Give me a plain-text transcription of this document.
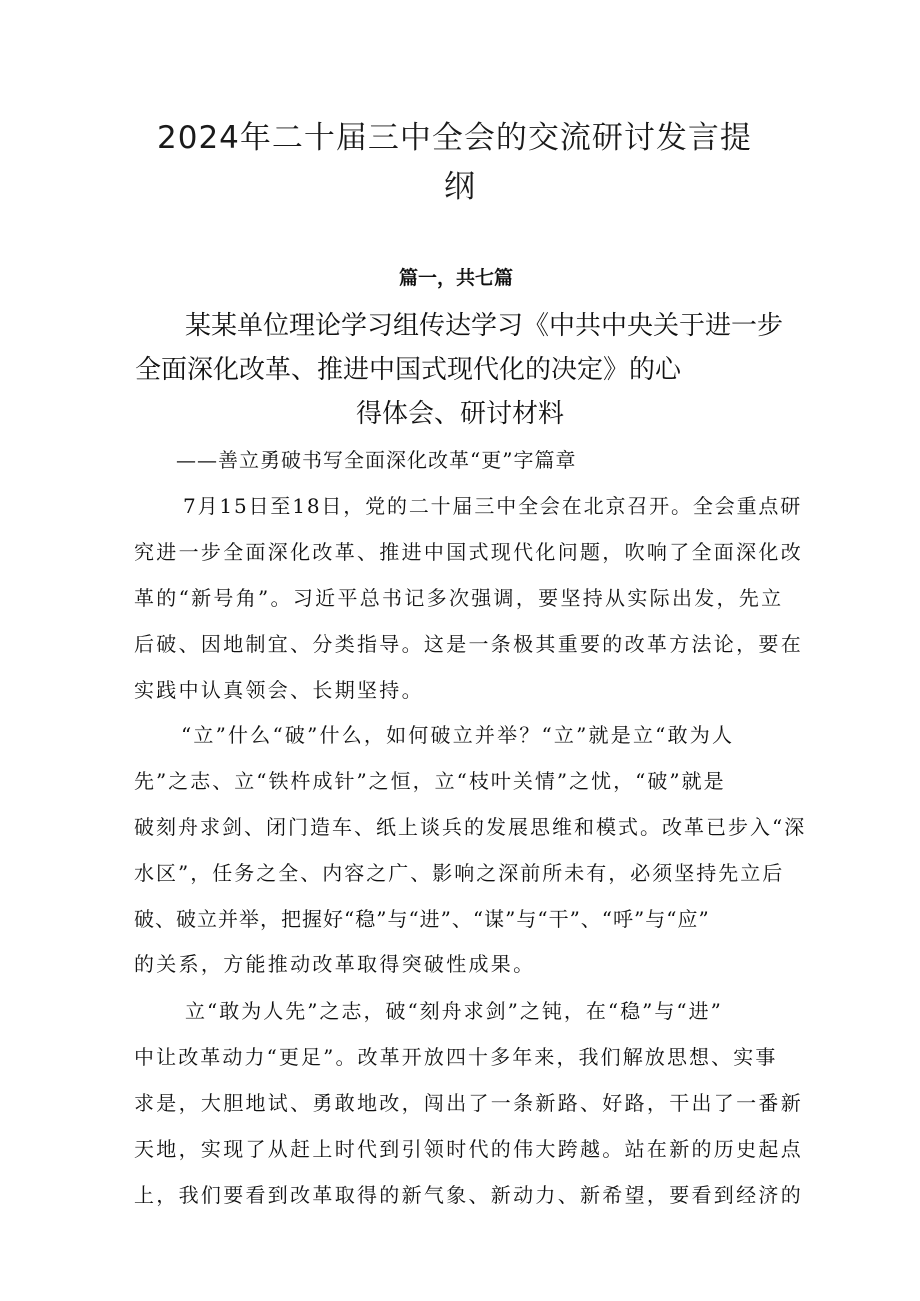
2024年二十届三中全会的交流研讨发言提
纲
篇一，共七篇
某某单位理论学习组传达学习《中共中央关于进一步
全面深化改革、推进中国式现代化的决定》的心
得体会、研讨材料
——善立勇破书写全面深化改革“更”字篇章
7月15日至18日，党的二十届三中全会在北京召开。全会重点研
究进一步全面深化改革、推进中国式现代化问题，吹响了全面深化改
革的“新号角”。习近平总书记多次强调，要坚持从实际出发，先立
后破、因地制宜、分类指导。这是一条极其重要的改革方法论，要在
实践中认真领会、长期坚持。
“立”什么“破”什么，如何破立并举？“立”就是立“敢为人
先”之志、立“铁杵成针”之恒，立“枝叶关情”之忧，“破”就是
破刻舟求剑、闭门造车、纸上谈兵的发展思维和模式。改革已步入“深
水区”，任务之全、内容之广、影响之深前所未有，必须坚持先立后
破、破立并举，把握好“稳”与“进”、“谋”与“干”、“呼”与“应”
的关系，方能推动改革取得突破性成果。
立“敢为人先”之志，破“刻舟求剑”之钝，在“稳”与“进”
中让改革动力“更足”。改革开放四十多年来，我们解放思想、实事
求是，大胆地试、勇敢地改，闯出了一条新路、好路，干出了一番新
天地，实现了从赶上时代到引领时代的伟大跨越。站在新的历史起点
上，我们要看到改革取得的新气象、新动力、新希望，要看到经济的
